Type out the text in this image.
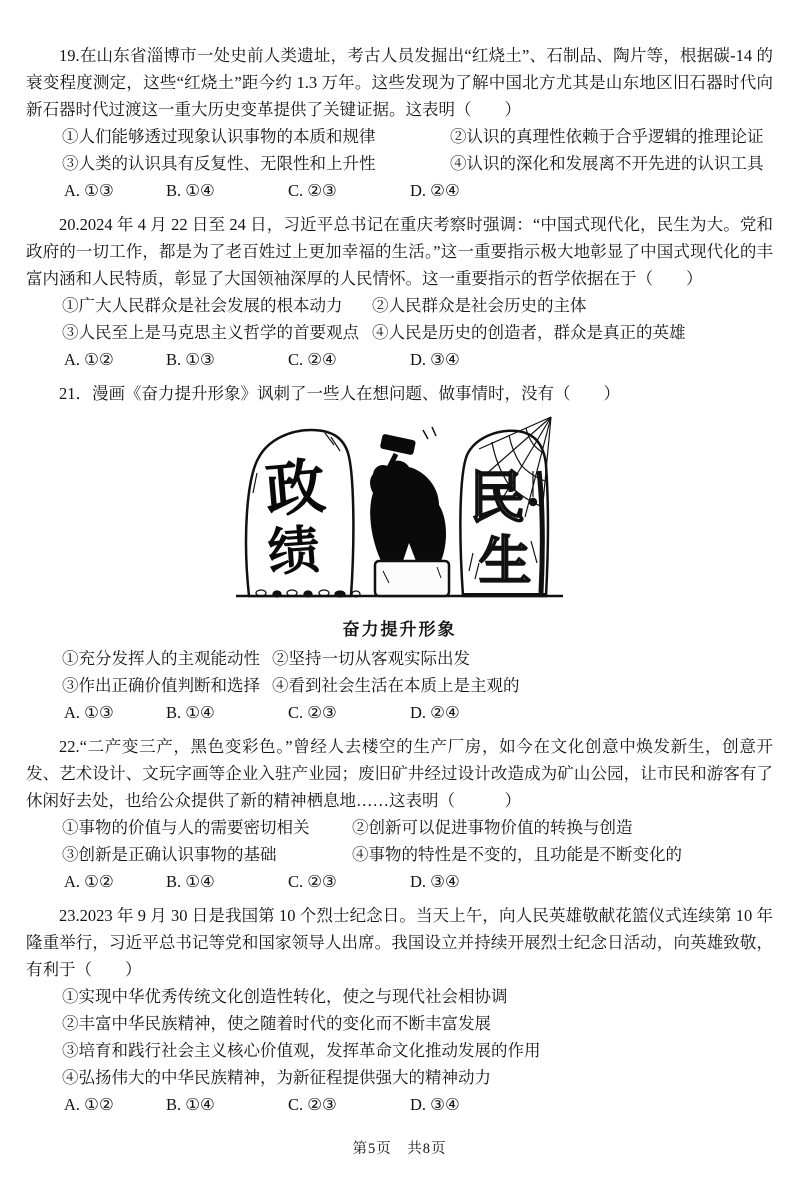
19.在山东省淄博市一处史前人类遗址，考古人员发掘出“红烧土”、石制品、陶片等，根据碳-14 的衰变程度测定，这些“红烧土”距今约 1.3 万年。这些发现为了解中国北方尤其是山东地区旧石器时代向新石器时代过渡这一重大历史变革提供了关键证据。这表明（　　）

①人们能够透过现象认识事物的本质和规律	②认识的真理性依赖于合乎逻辑的推理论证
③人类的认识具有反复性、无限性和上升性	④认识的深化和发展离不开先进的认识工具
A. ①③	B. ①④	C. ②③	D. ②④

20.2024 年 4 月 22 日至 24 日，习近平总书记在重庆考察时强调：“中国式现代化，民生为大。党和政府的一切工作，都是为了老百姓过上更加幸福的生活。”这一重要指示极大地彰显了中国式现代化的丰富内涵和人民特质，彰显了大国领袖深厚的人民情怀。这一重要指示的哲学依据在于（　　）

①广大人民群众是社会发展的根本动力	②人民群众是社会历史的主体
③人民至上是马克思主义哲学的首要观点 ④人民是历史的创造者，群众是真正的英雄
A. ①②	B. ①③	C. ②④	D. ③④

21．漫画《奋力提升形象》讽刺了一些人在想问题、做事情时，没有（　　）

政
绩
民
生
奋力提升形象
①充分发挥人的主观能动性 ②坚持一切从客观实际出发
③作出正确价值判断和选择 ④看到社会生活在本质上是主观的
A. ①③	B. ①④	C. ②③	D. ②④

22.“二产变三产，黑色变彩色。”曾经人去楼空的生产厂房，如今在文化创意中焕发新生，创意开发、艺术设计、文玩字画等企业入驻产业园；废旧矿井经过设计改造成为矿山公园，让市民和游客有了休闲好去处，也给公众提供了新的精神栖息地……这表明（　　　）

①事物的价值与人的需要密切相关	②创新可以促进事物价值的转换与创造
③创新是正确认识事物的基础	④事物的特性是不变的，且功能是不断变化的
A. ①②	B. ①④	C. ②③	D. ③④

23.2023 年 9 月 30 日是我国第 10 个烈士纪念日。当天上午，向人民英雄敬献花篮仪式连续第 10 年隆重举行，习近平总书记等党和国家领导人出席。我国设立并持续开展烈士纪念日活动，向英雄致敬，有利于（　　）

①实现中华优秀传统文化创造性转化，使之与现代社会相协调
②丰富中华民族精神，使之随着时代的变化而不断丰富发展
③培育和践行社会主义核心价值观，发挥革命文化推动发展的作用
④弘扬伟大的中华民族精神，为新征程提供强大的精神动力
A. ①②	B. ①④	C. ②③	D. ③④
第5页　共8页
